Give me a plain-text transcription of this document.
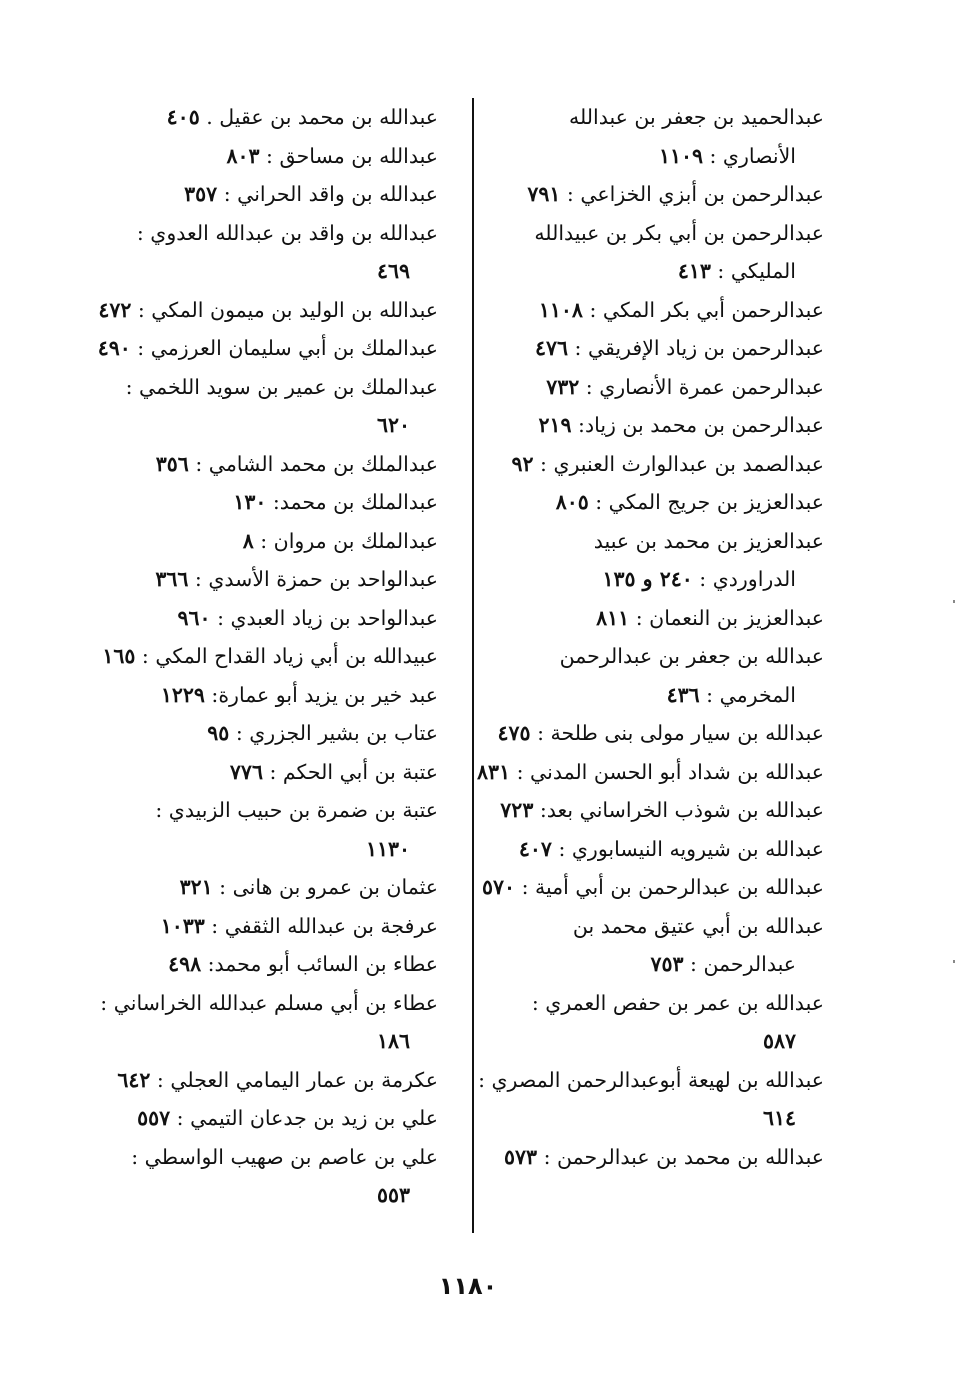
عبدالحميد بن جعفر بن عبدالله
الأنصاري : ١١٠٩
عبدالرحمن بن أبزي الخزاعي : ٧٩١
عبدالرحمن بن أبي بكر بن عبيدالله
المليكي : ٤١٣
عبدالرحمن أبي بكر المكي : ١١٠٨
عبدالرحمن بن زياد الإفريقي : ٤٧٦
عبدالرحمن عمرة الأنصاري : ٧٣٢
عبدالرحمن بن محمد بن زياد: ٢١٩
عبدالصمد بن عبدالوارث العنبري : ٩٢
عبدالعزيز بن جريج المكي : ٨٠٥
عبدالعزيز بن محمد بن عبيد
الدراوردي : ٢٤٠ و ١٣٥
عبدالعزيز بن النعمان : ٨١١
عبدالله بن جعفر بن عبدالرحمن
المخرمي : ٤٣٦
عبدالله بن سيار مولى بنى طلحة : ٤٧٥
عبدالله بن شداد أبو الحسن المدني : ٨٣١
عبدالله بن شوذب الخراساني بعد: ٧٢٣
عبدالله بن شيرويه النيسابوري : ٤٠٧
عبدالله بن عبدالرحمن بن أبي أمية : ٥٧٠
عبدالله بن أبي عتيق محمد بن
عبدالرحمن : ٧٥٣
عبدالله بن عمر بن حفص العمري :
٥٨٧
عبدالله بن لهيعة أبوعبدالرحمن المصري :
٦١٤
عبدالله بن محمد بن عبدالرحمن : ٥٧٣
عبدالله بن محمد بن عقيل . ٤٠٥
عبدالله بن مساحق : ٨٠٣
عبدالله بن واقد الحراني : ٣٥٧
عبدالله بن واقد بن عبدالله العدوي :
٤٦٩
عبدالله بن الوليد بن ميمون المكي : ٤٧٢
عبدالملك بن أبي سليمان العرزمي : ٤٩٠
عبدالملك بن عمير بن سويد اللخمي :
٦٢٠
عبدالملك بن محمد الشامي : ٣٥٦
عبدالملك بن محمد: ١٣٠
عبدالملك بن مروان : ٨
عبدالواحد بن حمزة الأسدي : ٣٦٦
عبدالواحد بن زياد العبدي : ٩٦٠
عبيدالله بن أبي زياد القداح المكي : ١٦٥
عبد خير بن يزيد أبو عمارة: ١٢٢٩
عتاب بن بشير الجزري : ٩٥
عتبة بن أبي الحكم : ٧٧٦
عتبة بن ضمرة بن حبيب الزبيدي :
١١٣٠
عثمان بن عمرو بن هانى : ٣٢١
عرفجة بن عبدالله الثقفي : ١٠٣٣
عطاء بن السائب أبو محمد: ٤٩٨
عطاء بن أبي مسلم عبدالله الخراساني :
١٨٦
عكرمة بن عمار اليمامي العجلي : ٦٤٢
علي بن زيد بن جدعان التيمي : ٥٥٧
علي بن عاصم بن صهيب الواسطي :
٥٥٣
١١٨٠
